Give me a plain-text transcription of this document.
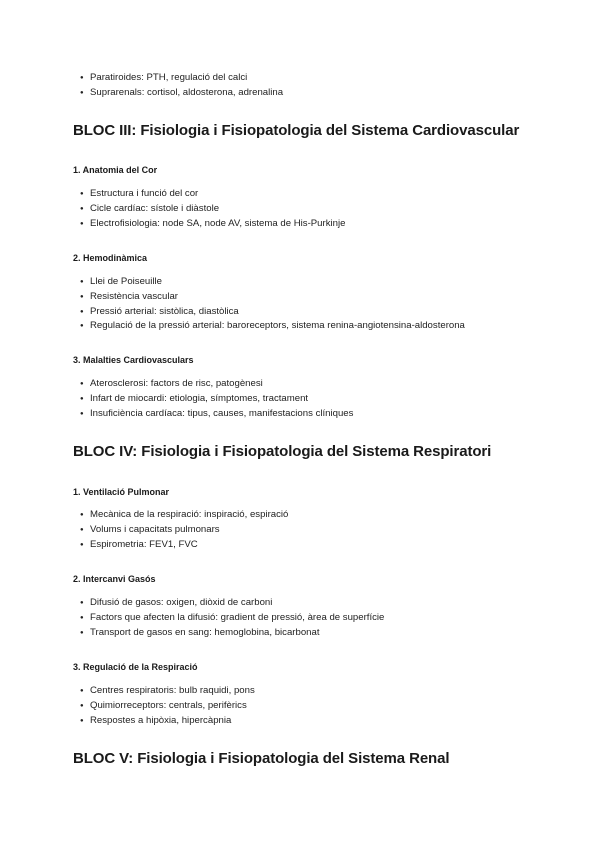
● Paratiroides: PTH, regulació del calci
● Suprarenals: cortisol, aldosterona, adrenalina
BLOC III: Fisiologia i Fisiopatologia del Sistema Cardiovascular
1. Anatomia del Cor
● Estructura i funció del cor
● Cicle cardíac: sístole i diàstole
● Electrofisiologia: node SA, node AV, sistema de His-Purkinje
2. Hemodinàmica
● Llei de Poiseuille
● Resistència vascular
● Pressió arterial: sistòlica, diastòlica
● Regulació de la pressió arterial: baroreceptors, sistema renina-angiotensina-aldosterona
3. Malalties Cardiovasculars
● Aterosclerosi: factors de risc, patogènesi
● Infart de miocardi: etiologia, símptomes, tractament
● Insuficiència cardíaca: tipus, causes, manifestacions clíniques
BLOC IV: Fisiologia i Fisiopatologia del Sistema Respiratori
1. Ventilació Pulmonar
● Mecànica de la respiració: inspiració, espiració
● Volums i capacitats pulmonars
● Espirometria: FEV1, FVC
2. Intercanvi Gasós
● Difusió de gasos: oxigen, diòxid de carboni
● Factors que afecten la difusió: gradient de pressió, àrea de superfície
● Transport de gasos en sang: hemoglobina, bicarbonat
3. Regulació de la Respiració
● Centres respiratoris: bulb raquidi, pons
● Quimiorreceptors: centrals, perifèrics
● Respostes a hipòxia, hipercàpnia
BLOC V: Fisiologia i Fisiopatologia del Sistema Renal
